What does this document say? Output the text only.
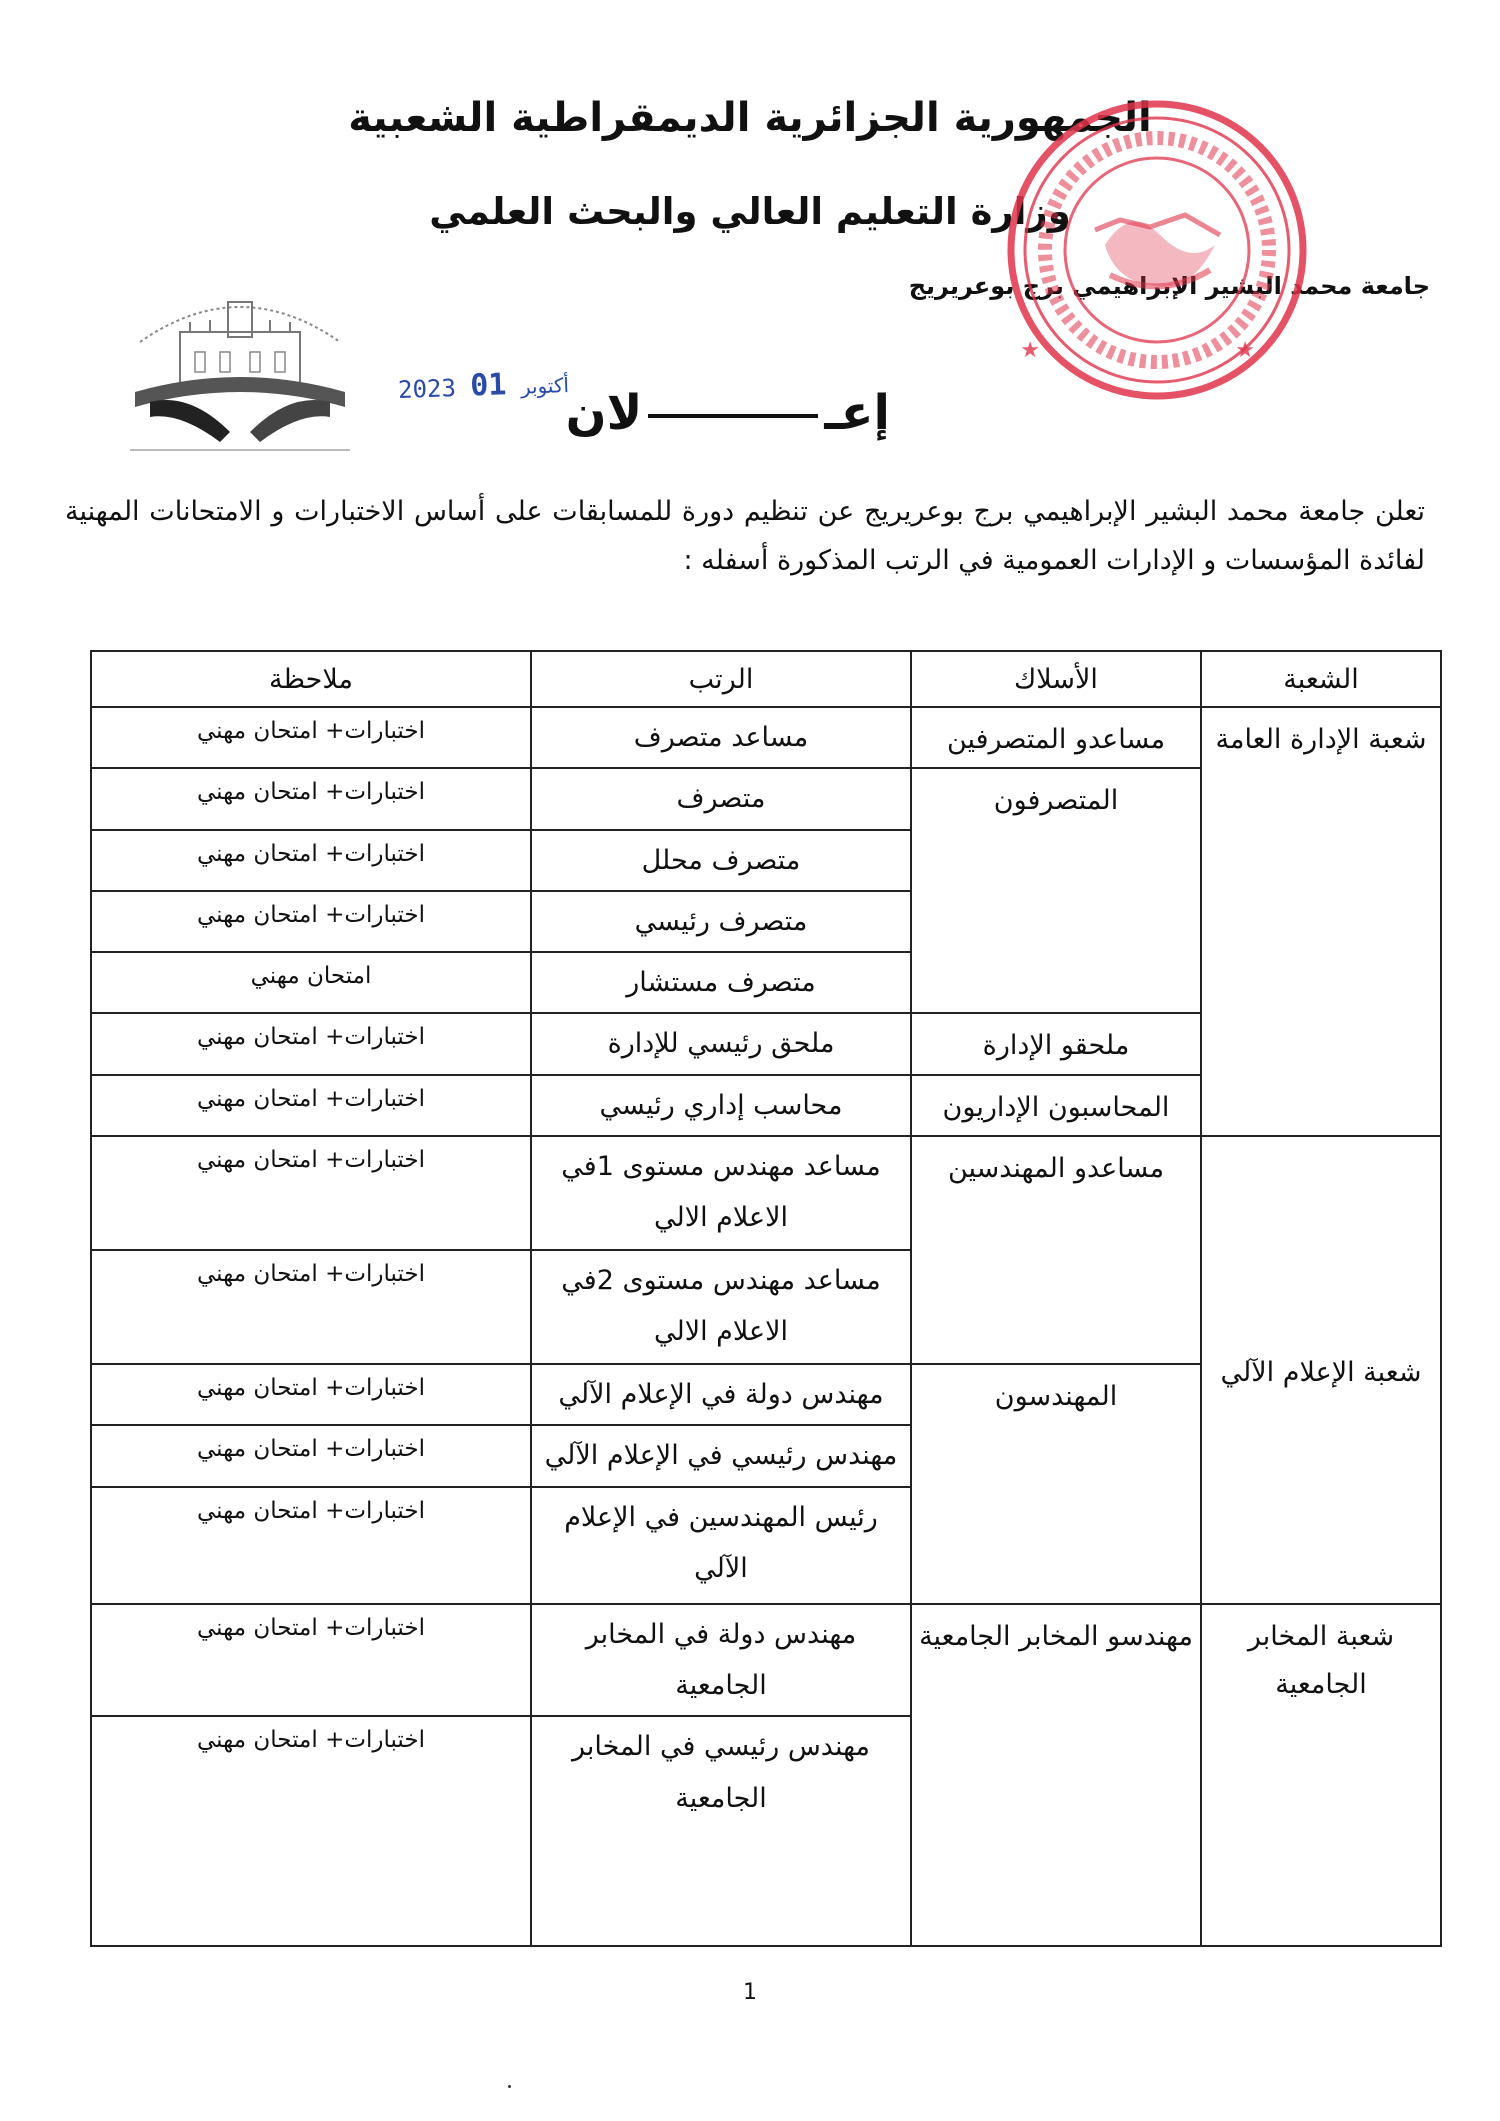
الجمهورية الجزائرية الديمقراطية الشعبية
وزارة التعليم العالي والبحث العلمي
جامعة محمد البشير الإبراهيمي برج بوعريريج
★	★
2023	أكتوبر 01	إعـلان
تعلن جامعة محمد البشير الإبراهيمي برج بوعريريج عن تنظيم دورة للمسابقات على أساس الاختبارات و الامتحانات المهنية لفائدة المؤسسات و الإدارات العمومية في الرتب المذكورة أسفله :
الشعبة	الأسلاك	الرتب	ملاحظة
شعبة الإدارة العامة	مساعدو المتصرفين	مساعد متصرف	اختبارات+ امتحان مهني
	المتصرفون	متصرف	اختبارات+ امتحان مهني
		متصرف محلل	اختبارات+ امتحان مهني
		متصرف رئيسي	اختبارات+ امتحان مهني
		متصرف مستشار	امتحان مهني
	ملحقو الإدارة	ملحق رئيسي للإدارة	اختبارات+ امتحان مهني
	المحاسبون الإداريون	محاسب إداري رئيسي	اختبارات+ امتحان مهني
شعبة الإعلام الآلي	مساعدو المهندسين	مساعد مهندس مستوى 1في الاعلام الالي	اختبارات+ امتحان مهني
		مساعد مهندس مستوى 2في الاعلام الالي	اختبارات+ امتحان مهني
	المهندسون	مهندس دولة في الإعلام الآلي	اختبارات+ امتحان مهني
		مهندس رئيسي في الإعلام الآلي	اختبارات+ امتحان مهني
		رئيس المهندسين في الإعلام الآلي	اختبارات+ امتحان مهني
شعبة المخابر الجامعية	مهندسو المخابر الجامعية	مهندس دولة في المخابر الجامعية	اختبارات+ امتحان مهني
		مهندس رئيسي في المخابر الجامعية	اختبارات+ امتحان مهني
1
